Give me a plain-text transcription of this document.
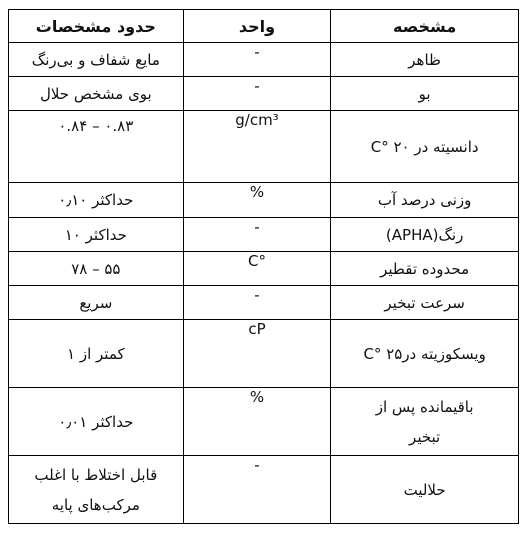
مشخصه	واحد	حدود مشخصات
ظاهر	-	مایع شفاف و بی‌رنگ
بو	-	بوی مشخص حلال
دانسیته در C° ۲۰	g/cm³	۰.۸۳ – ۰.۸۴
وزنی درصد آب	%	حداکثر ۰٫۱۰
رنگ(APHA)	-	حداکثر ۱۰
محدوده تقطیر	°C	۵۵ – ۷۸
سرعت تبخیر	-	سریع

ویسکوزیته درC° ۲۵	cP	کمتر از ۱

باقیمانده پس از تبخیر	%	حداکثر ۰٫۰۱
حلالیت	-	قابل اختلاط با اغلب مرکب‌های پایه
